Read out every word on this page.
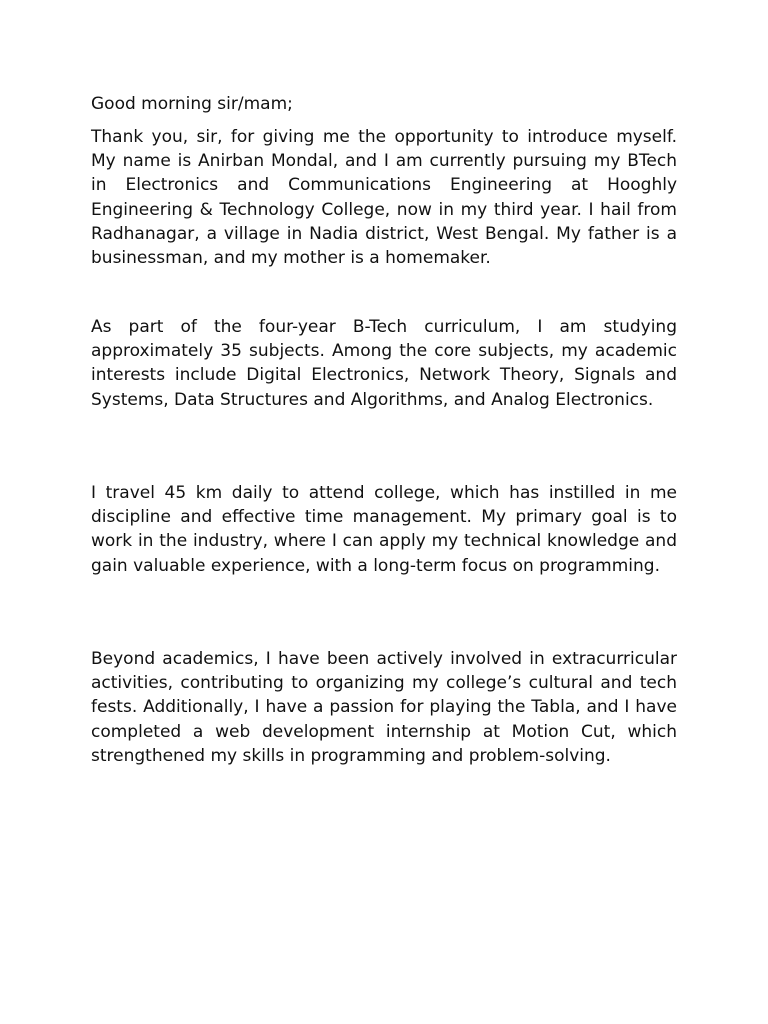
Good morning sir/mam;

Thank you, sir, for giving me the opportunity to introduce myself. My name is Anirban Mondal, and I am currently pursuing my BTech in Electronics and Communications Engineering at Hooghly Engineering & Technology College, now in my third year. I hail from Radhanagar, a village in Nadia district, West Bengal. My father is a businessman, and my mother is a homemaker.

As part of the four-year B-Tech curriculum, I am studying approximately 35 subjects. Among the core subjects, my academic interests include Digital Electronics, Network Theory, Signals and Systems, Data Structures and Algorithms, and Analog Electronics.

I travel 45 km daily to attend college, which has instilled in me discipline and effective time management. My primary goal is to work in the industry, where I can apply my technical knowledge and gain valuable experience, with a long-term focus on programming.

Beyond academics, I have been actively involved in extracurricular activities, contributing to organizing my college’s cultural and tech fests. Additionally, I have a passion for playing the Tabla, and I have completed a web development internship at Motion Cut, which strengthened my skills in programming and problem-solving.
